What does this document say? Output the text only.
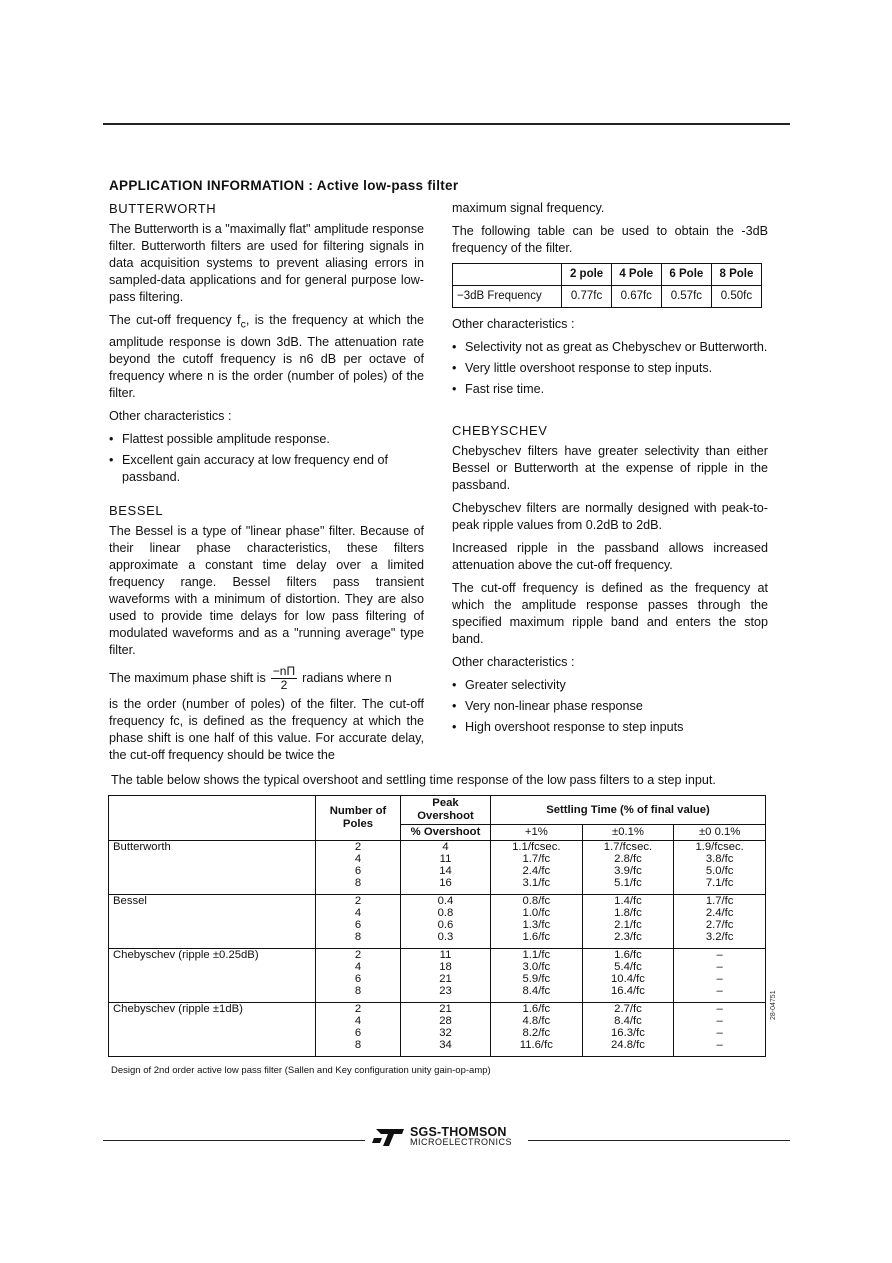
APPLICATION INFORMATION : Active low-pass filter
BUTTERWORTH

The Butterworth is a "maximally flat" amplitude response filter. Butterworth filters are used for filtering signals in data acquisition systems to prevent aliasing errors in sampled-data applications and for general purpose low-pass filtering.

The cut-off frequency $f_c$, is the frequency at which the amplitude response is down 3dB. The attenuation rate beyond the cutoff frequency is n6 dB per octave of frequency where n is the order (number of poles) of the filter.

Other characteristics :

• Flattest possible amplitude response.
• Excellent gain accuracy at low frequency end of passband.
BESSEL

The Bessel is a type of "linear phase" filter. Because of their linear phase characteristics, these filters approximate a constant time delay over a limited frequency range. Bessel filters pass transient waveforms with a minimum of distortion. They are also used to provide time delays for low pass filtering of modulated waveforms and as a "running average" type filter.

The maximum phase shift is $\frac{-n\Pi}{2}$ radians where n

is the order (number of poles) of the filter. The cut-off frequency fc, is defined as the frequency at which the phase shift is one half of this value. For accurate delay, the cut-off frequency should be twice the

maximum signal frequency.

The following table can be used to obtain the -3dB frequency of the filter.

	2 pole	4 Pole	6 Pole	8 Pole
−3dB Frequency	0.77fᴄ	0.67fᴄ	0.57fᴄ	0.50fᴄ

Other characteristics :

• Selectivity not as great as Chebyschev or Butterworth.
• Very little overshoot response to step inputs.
• Fast rise time.
CHEBYSCHEV

Chebyschev filters have greater selectivity than either Bessel or Butterworth at the expense of ripple in the passband.

Chebyschev filters are normally designed with peak-to-peak ripple values from 0.2dB to 2dB.

Increased ripple in the passband allows increased attenuation above the cut-off frequency.

The cut-off frequency is defined as the frequency at which the amplitude response passes through the specified maximum ripple band and enters the stop band.

Other characteristics :

• Greater selectivity
• Very non-linear phase response
• High overshoot response to step inputs
The table below shows the typical overshoot and settling time response of the low pass filters to a step input.
	Number of Poles	Peak Overshoot	Settling Time (% of final value)		
		% Overshoot	+1%	±0.1%	±0 0.1%
Butterworth	2	4	1.1/fᴄsec.	1.7/fᴄsec.	1.9/fᴄsec.
	4	11	1.7/fᴄ	2.8/fᴄ	3.8/fᴄ
	6	14	2.4/fᴄ	3.9/fᴄ	5.0/fᴄ
	8	16	3.1/fᴄ	5.1/fᴄ	7.1/fᴄ
Bessel	2	0.4	0.8/fᴄ	1.4/fᴄ	1.7/fᴄ
	4	0.8	1.0/fᴄ	1.8/fᴄ	2.4/fᴄ
	6	0.6	1.3/fᴄ	2.1/fᴄ	2.7/fᴄ
	8	0.3	1.6/fᴄ	2.3/fᴄ	3.2/fᴄ
Chebyschev (ripple ±0.25dB)	2	11	1.1/fᴄ	1.6/fᴄ	–
	4	18	3.0/fᴄ	5.4/fᴄ	–
	6	21	5.9/fᴄ	10.4/fᴄ	–
	8	23	8.4/fᴄ	16.4/fᴄ	–
Chebyschev (ripple ±1dB)	2	21	1.6/fᴄ	2.7/fᴄ	–
	4	28	4.8/fᴄ	8.4/fᴄ	–
	6	32	8.2/fᴄ	16.3/fᴄ	–
	8	34	11.6/fᴄ	24.8/fᴄ	–
Design of 2nd order active low pass filter (Sallen and Key configuration unity gain-op-amp)
28-04751
SGS-THOMSON
MICROELECTRONICS
